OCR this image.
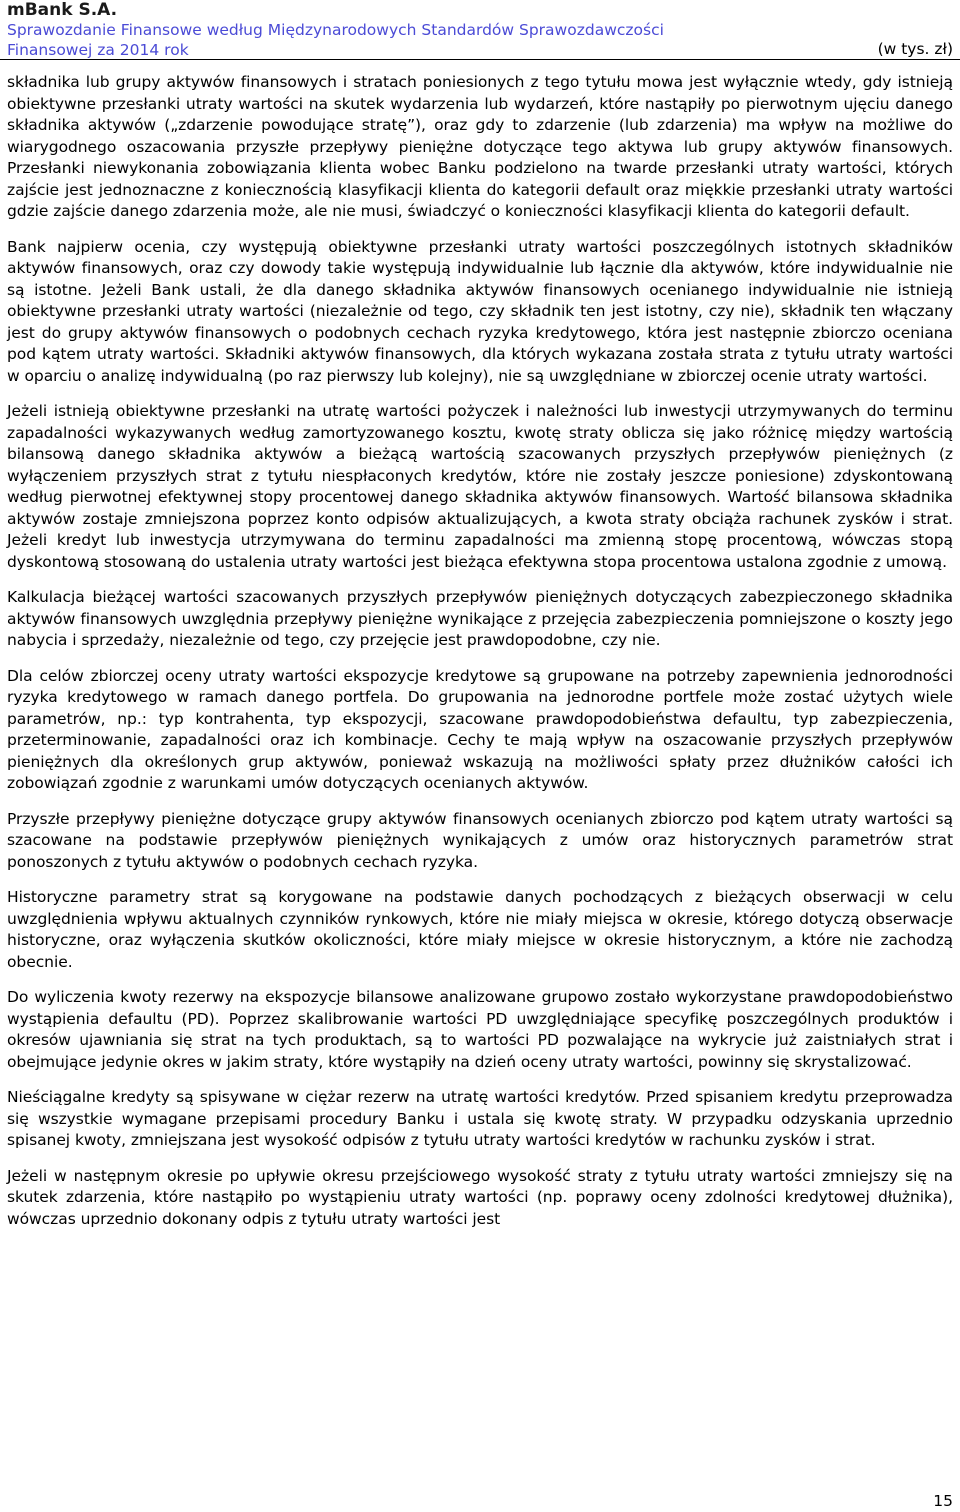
mBank S.A.
Sprawozdanie Finansowe według Międzynarodowych Standardów Sprawozdawczości
Finansowej za 2014 rok	(w tys. zł)

składnika lub grupy aktywów finansowych i stratach poniesionych z tego tytułu mowa jest wyłącznie wtedy, gdy istnieją obiektywne przesłanki utraty wartości na skutek wydarzenia lub wydarzeń, które nastąpiły po pierwotnym ujęciu danego składnika aktywów („zdarzenie powodujące stratę”), oraz gdy to zdarzenie (lub zdarzenia) ma wpływ na możliwe do wiarygodnego oszacowania przyszłe przepływy pieniężne dotyczące tego aktywa lub grupy aktywów finansowych. Przesłanki niewykonania zobowiązania klienta wobec Banku podzielono na twarde przesłanki utraty wartości, których zajście jest jednoznaczne z koniecznością klasyfikacji klienta do kategorii default oraz miękkie przesłanki utraty wartości gdzie zajście danego zdarzenia może, ale nie musi, świadczyć o konieczności klasyfikacji klienta do kategorii default.

Bank najpierw ocenia, czy występują obiektywne przesłanki utraty wartości poszczególnych istotnych składników aktywów finansowych, oraz czy dowody takie występują indywidualnie lub łącznie dla aktywów, które indywidualnie nie są istotne. Jeżeli Bank ustali, że dla danego składnika aktywów finansowych ocenianego indywidualnie nie istnieją obiektywne przesłanki utraty wartości (niezależnie od tego, czy składnik ten jest istotny, czy nie), składnik ten włączany jest do grupy aktywów finansowych o podobnych cechach ryzyka kredytowego, która jest następnie zbiorczo oceniana pod kątem utraty wartości. Składniki aktywów finansowych, dla których wykazana została strata z tytułu utraty wartości w oparciu o analizę indywidualną (po raz pierwszy lub kolejny), nie są uwzględniane w zbiorczej ocenie utraty wartości.

Jeżeli istnieją obiektywne przesłanki na utratę wartości pożyczek i należności lub inwestycji utrzymywanych do terminu zapadalności wykazywanych według zamortyzowanego kosztu, kwotę straty oblicza się jako różnicę między wartością bilansową danego składnika aktywów a bieżącą wartością szacowanych przyszłych przepływów pieniężnych (z wyłączeniem przyszłych strat z tytułu niespłaconych kredytów, które nie zostały jeszcze poniesione) zdyskontowaną według pierwotnej efektywnej stopy procentowej danego składnika aktywów finansowych. Wartość bilansowa składnika aktywów zostaje zmniejszona poprzez konto odpisów aktualizujących, a kwota straty obciąża rachunek zysków i strat. Jeżeli kredyt lub inwestycja utrzymywana do terminu zapadalności ma zmienną stopę procentową, wówczas stopą dyskontową stosowaną do ustalenia utraty wartości jest bieżąca efektywna stopa procentowa ustalona zgodnie z umową.

Kalkulacja bieżącej wartości szacowanych przyszłych przepływów pieniężnych dotyczących zabezpieczonego składnika aktywów finansowych uwzględnia przepływy pieniężne wynikające z przejęcia zabezpieczenia pomniejszone o koszty jego nabycia i sprzedaży, niezależnie od tego, czy przejęcie jest prawdopodobne, czy nie.

Dla celów zbiorczej oceny utraty wartości ekspozycje kredytowe są grupowane na potrzeby zapewnienia jednorodności ryzyka kredytowego w ramach danego portfela. Do grupowania na jednorodne portfele może zostać użytych wiele parametrów, np.: typ kontrahenta, typ ekspozycji, szacowane prawdopodobieństwa defaultu, typ zabezpieczenia, przeterminowanie, zapadalności oraz ich kombinacje. Cechy te mają wpływ na oszacowanie przyszłych przepływów pieniężnych dla określonych grup aktywów, ponieważ wskazują na możliwości spłaty przez dłużników całości ich zobowiązań zgodnie z warunkami umów dotyczących ocenianych aktywów.

Przyszłe przepływy pieniężne dotyczące grupy aktywów finansowych ocenianych zbiorczo pod kątem utraty wartości są szacowane na podstawie przepływów pieniężnych wynikających z umów oraz historycznych parametrów strat ponoszonych z tytułu aktywów o podobnych cechach ryzyka.

Historyczne parametry strat są korygowane na podstawie danych pochodzących z bieżących obserwacji w celu uwzględnienia wpływu aktualnych czynników rynkowych, które nie miały miejsca w okresie, którego dotyczą obserwacje historyczne, oraz wyłączenia skutków okoliczności, które miały miejsce w okresie historycznym, a które nie zachodzą obecnie.

Do wyliczenia kwoty rezerwy na ekspozycje bilansowe analizowane grupowo zostało wykorzystane prawdopodobieństwo wystąpienia defaultu (PD). Poprzez skalibrowanie wartości PD uwzględniające specyfikę poszczególnych produktów i okresów ujawniania się strat na tych produktach, są to wartości PD pozwalające na wykrycie już zaistniałych strat i obejmujące jedynie okres w jakim straty, które wystąpiły na dzień oceny utraty wartości, powinny się skrystalizować.

Nieściągalne kredyty są spisywane w ciężar rezerw na utratę wartości kredytów. Przed spisaniem kredytu przeprowadza się wszystkie wymagane przepisami procedury Banku i ustala się kwotę straty. W przypadku odzyskania uprzednio spisanej kwoty, zmniejszana jest wysokość odpisów z tytułu utraty wartości kredytów w rachunku zysków i strat.

Jeżeli w następnym okresie po upływie okresu przejściowego wysokość straty z tytułu utraty wartości zmniejszy się na skutek zdarzenia, które nastąpiło po wystąpieniu utraty wartości (np. poprawy oceny zdolności kredytowej dłużnika), wówczas uprzednio dokonany odpis z tytułu utraty wartości jest

15
